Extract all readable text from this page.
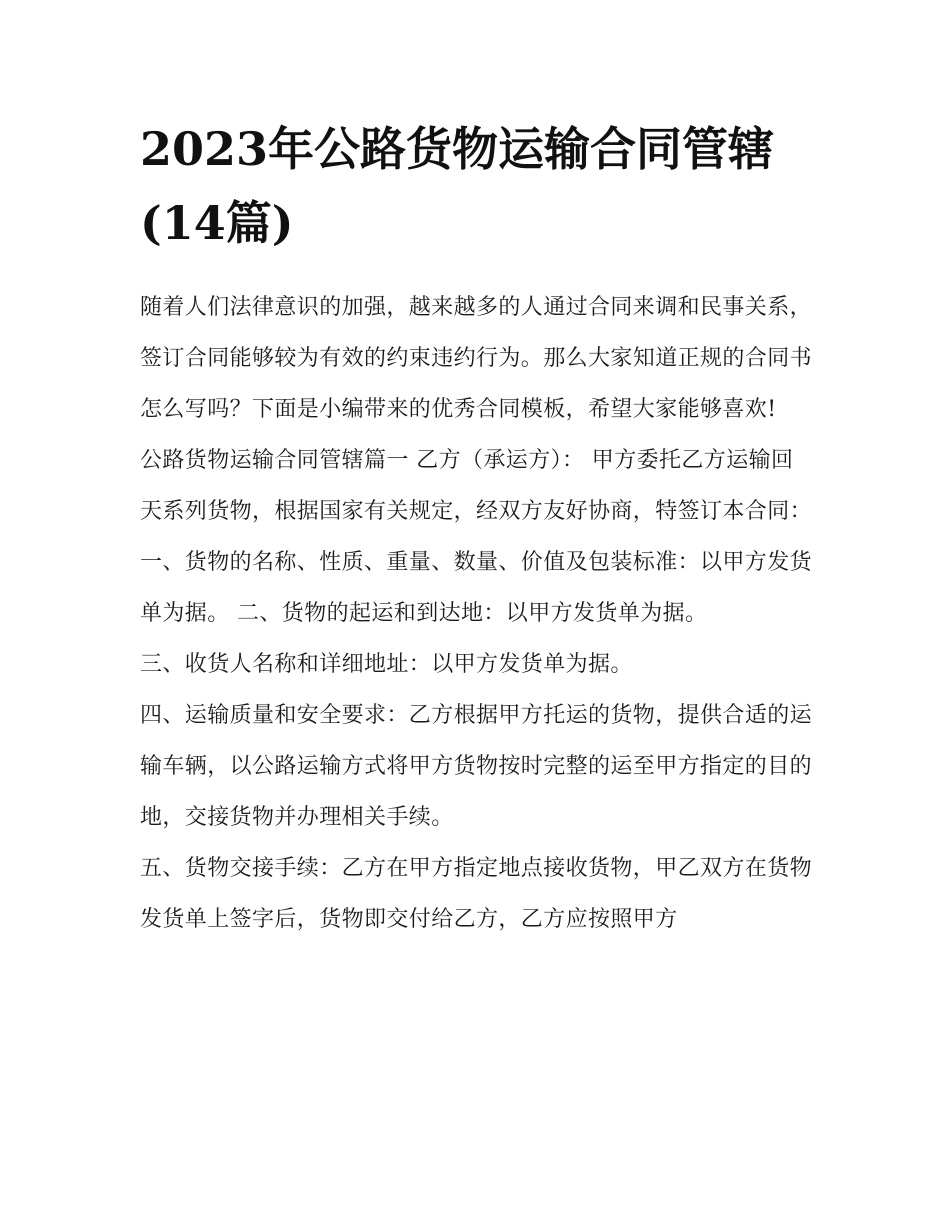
2023年公路货物运输合同管辖(14篇)

随着人们法律意识的加强，越来越多的人通过合同来调和民事关系，签订合同能够较为有效的约束违约行为。那么大家知道正规的合同书怎么写吗？下面是小编带来的优秀合同模板，希望大家能够喜欢!

公路货物运输合同管辖篇一 乙方（承运方）： 甲方委托乙方运输回天系列货物，根据国家有关规定，经双方友好协商，特签订本合同：

一、货物的名称、性质、重量、数量、价值及包装标准：以甲方发货单为据。 二、货物的起运和到达地：以甲方发货单为据。

三、收货人名称和详细地址：以甲方发货单为据。

四、运输质量和安全要求：乙方根据甲方托运的货物，提供合适的运输车辆，以公路运输方式将甲方货物按时完整的运至甲方指定的目的地，交接货物并办理相关手续。

五、货物交接手续：乙方在甲方指定地点接收货物，甲乙双方在货物发货单上签字后，货物即交付给乙方，乙方应按照甲方
